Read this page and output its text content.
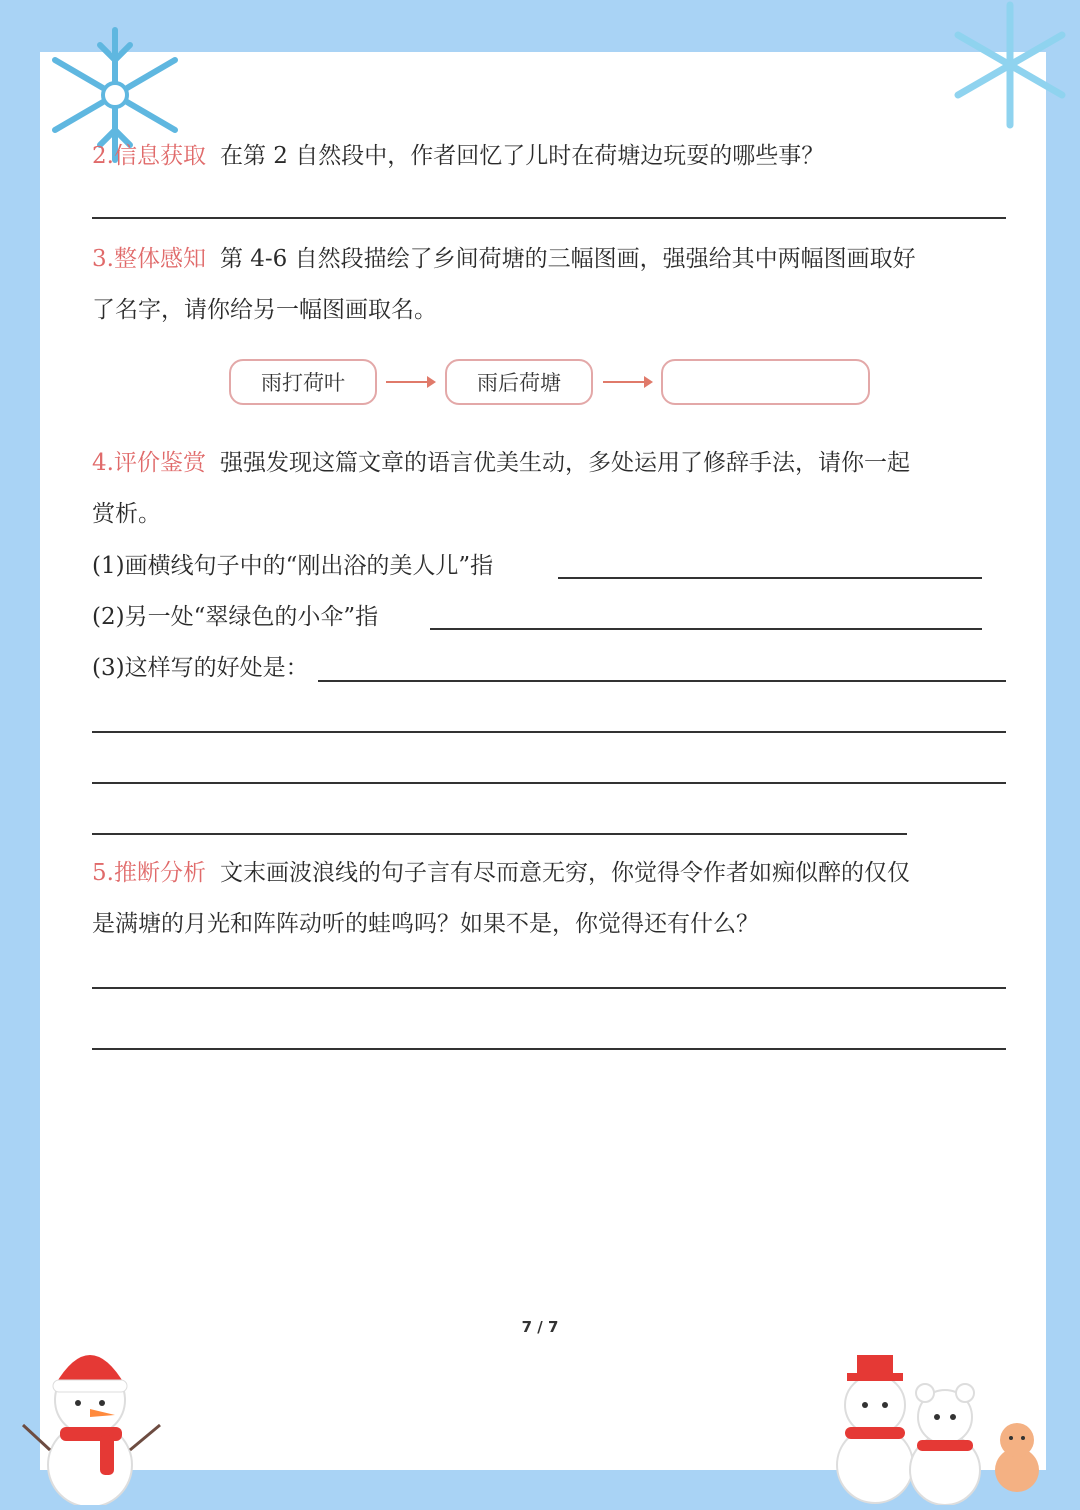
2.信息获取 在第 2 自然段中，作者回忆了儿时在荷塘边玩耍的哪些事？
3.整体感知 第 4-6 自然段描绘了乡间荷塘的三幅图画，强强给其中两幅图画取好
了名字，请你给另一幅图画取名。
雨打荷叶	雨后荷塘
4.评价鉴赏 强强发现这篇文章的语言优美生动，多处运用了修辞手法，请你一起
赏析。
(1)画横线句子中的“刚出浴的美人儿”指
(2)另一处“翠绿色的小伞”指
(3)这样写的好处是：
5.推断分析 文末画波浪线的句子言有尽而意无穷，你觉得令作者如痴似醉的仅仅
是满塘的月光和阵阵动听的蛙鸣吗？如果不是，你觉得还有什么？
7 / 7
